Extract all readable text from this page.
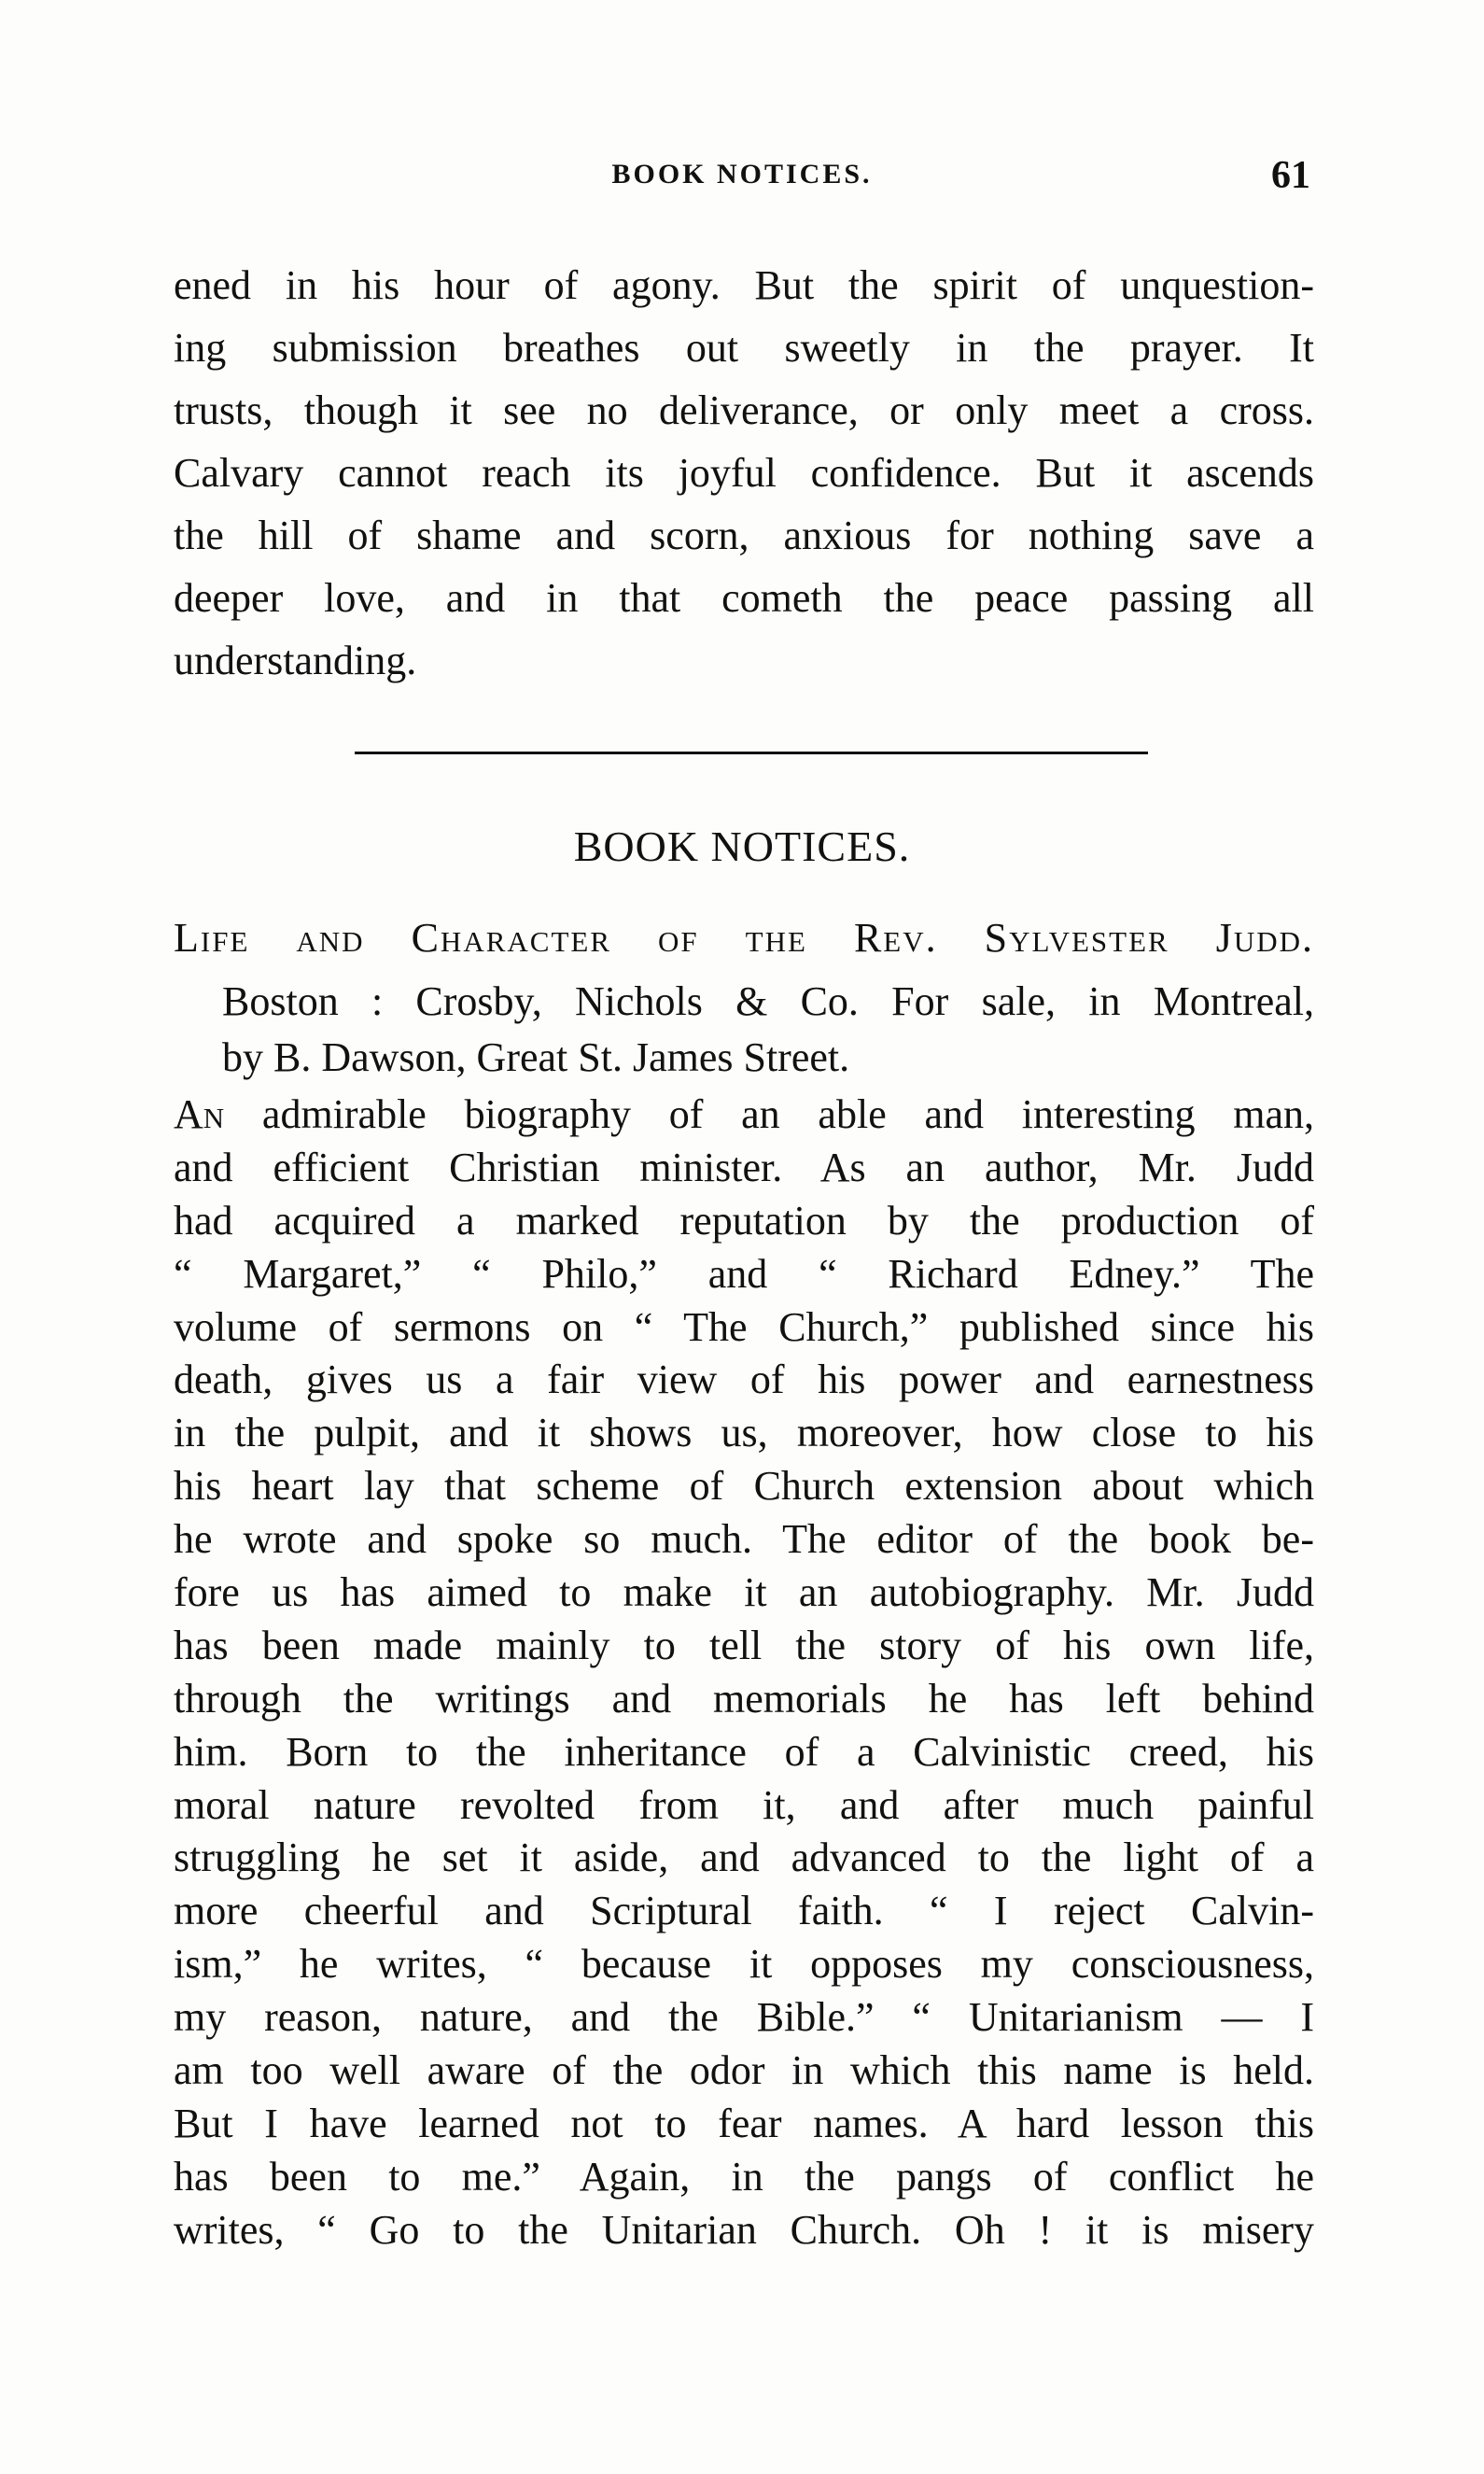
BOOK NOTICES.	61
ened in his hour of agony. But the spirit of unquestion-
ing submission breathes out sweetly in the prayer. It
trusts, though it see no deliverance, or only meet a cross.
Calvary cannot reach its joyful confidence. But it ascends
the hill of shame and scorn, anxious for nothing save a
deeper love, and in that cometh the peace passing all
understanding.
BOOK NOTICES.
Life and Character of the Rev. Sylvester Judd.
Boston : Crosby, Nichols & Co. For sale, in Montreal,
by B. Dawson, Great St. James Street.
An admirable biography of an able and interesting man,
and efficient Christian minister. As an author, Mr. Judd
had acquired a marked reputation by the production of
“ Margaret,” “ Philo,” and “ Richard Edney.” The
volume of sermons on “ The Church,” published since his
death, gives us a fair view of his power and earnestness
in the pulpit, and it shows us, moreover, how close to his
his heart lay that scheme of Church extension about which
he wrote and spoke so much. The editor of the book be-
fore us has aimed to make it an autobiography. Mr. Judd
has been made mainly to tell the story of his own life,
through the writings and memorials he has left behind
him. Born to the inheritance of a Calvinistic creed, his
moral nature revolted from it, and after much painful
struggling he set it aside, and advanced to the light of a
more cheerful and Scriptural faith. “ I reject Calvin-
ism,” he writes, “ because it opposes my consciousness,
my reason, nature, and the Bible.” “ Unitarianism — I
am too well aware of the odor in which this name is held.
But I have learned not to fear names. A hard lesson this
has been to me.” Again, in the pangs of conflict he
writes, “ Go to the Unitarian Church. Oh ! it is misery
